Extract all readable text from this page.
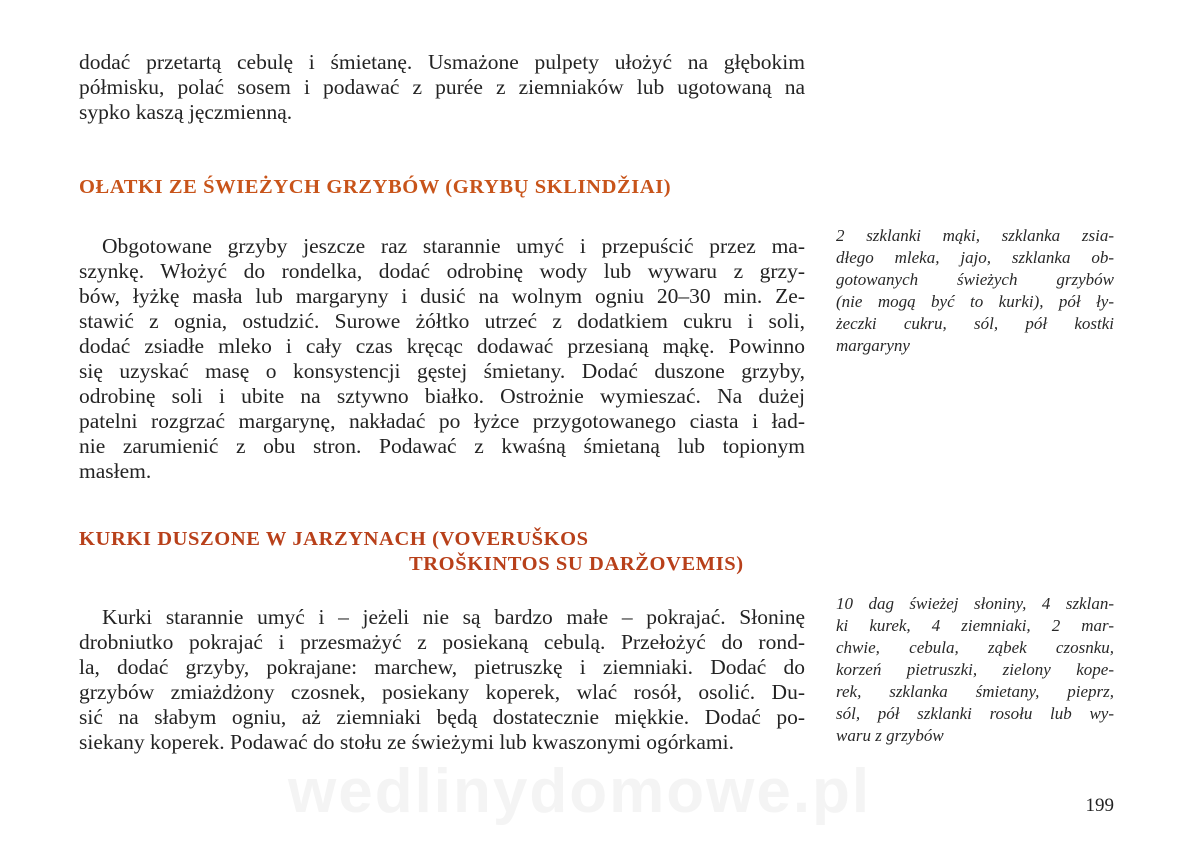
dodać przetartą cebulę i śmietanę. Usmażone pulpety ułożyć na głębokim

półmisku, polać sosem i podawać z purée z ziemniaków lub ugotowaną na

sypko kaszą jęczmienną.

OŁATKI ZE ŚWIEŻYCH GRZYBÓW (GRYBŲ SKLINDŽIAI)

Obgotowane grzyby jeszcze raz starannie umyć i przepuścić przez ma-

szynkę. Włożyć do rondelka, dodać odrobinę wody lub wywaru z grzy-

bów, łyżkę masła lub margaryny i dusić na wolnym ogniu 20–30 min. Ze-

stawić z ognia, ostudzić. Surowe żółtko utrzeć z dodatkiem cukru i soli,

dodać zsiadłe mleko i cały czas kręcąc dodawać przesianą mąkę. Powinno

się uzyskać masę o konsystencji gęstej śmietany. Dodać duszone grzyby,

odrobinę soli i ubite na sztywno białko. Ostrożnie wymieszać. Na dużej

patelni rozgrzać margarynę, nakładać po łyżce przygotowanego ciasta i ład-

nie zarumienić z obu stron. Podawać z kwaśną śmietaną lub topionym

masłem.

2 szklanki mąki, szklanka zsia-

dłego mleka, jajo, szklanka ob-

gotowanych świeżych grzybów

(nie mogą być to kurki), pół ły-

żeczki cukru, sól, pół kostki

margaryny

KURKI DUSZONE W JARZYNACH (VOVERUŠKOS
TROŠKINTOS SU DARŽOVEMIS)

Kurki starannie umyć i – jeżeli nie są bardzo małe – pokrajać. Słoninę

drobniutko pokrajać i przesmażyć z posiekaną cebulą. Przełożyć do rond-

la, dodać grzyby, pokrajane: marchew, pietruszkę i ziemniaki. Dodać do

grzybów zmiażdżony czosnek, posiekany koperek, wlać rosół, osolić. Du-

sić na słabym ogniu, aż ziemniaki będą dostatecznie miękkie. Dodać po-

siekany koperek. Podawać do stołu ze świeżymi lub kwaszonymi ogórkami.

10 dag świeżej słoniny, 4 szklan-

ki kurek, 4 ziemniaki, 2 mar-

chwie, cebula, ząbek czosnku,

korzeń pietruszki, zielony kope-

rek, szklanka śmietany, pieprz,

sól, pół szklanki rosołu lub wy-

waru z grzybów

wedlinydomowe.pl	199
